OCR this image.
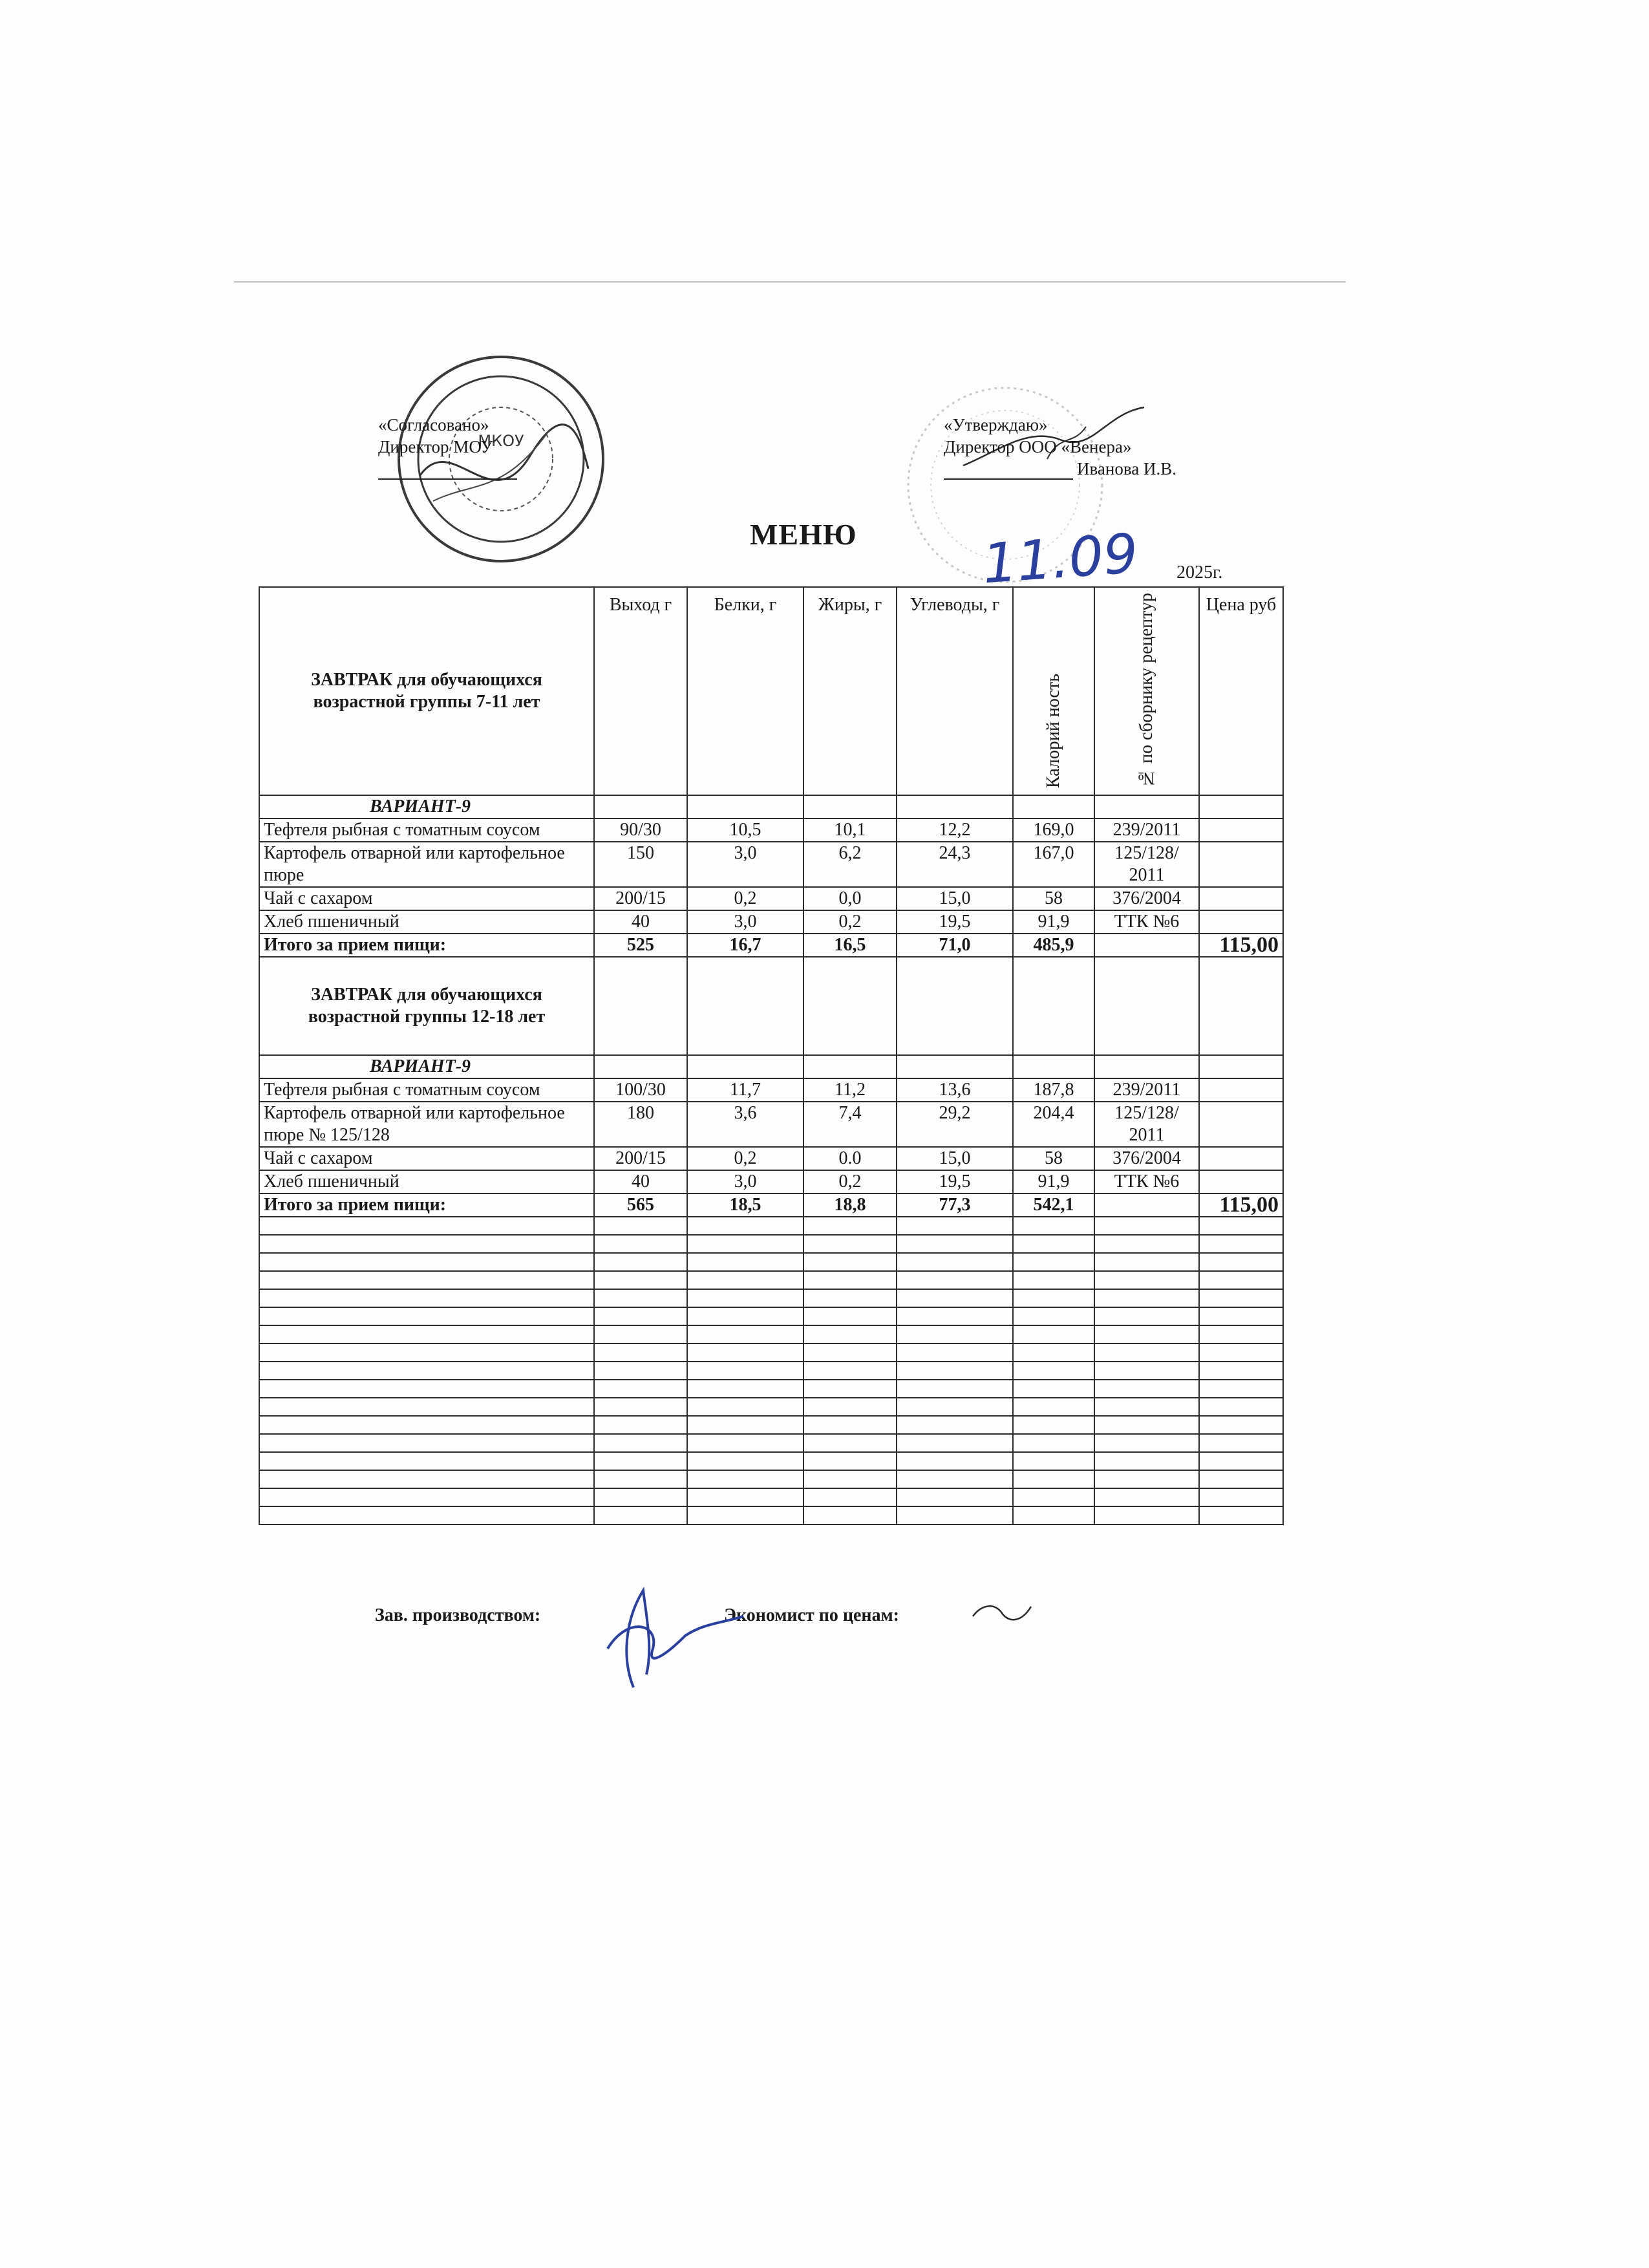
МКОУ
«Согласовано»
Директор МОУ
«Утверждаю»
Директор ООО «Венера»
Иванова И.В.
МЕНЮ 11.09 2025г.
ЗАВТРАК для обучающихся возрастной группы 7-11 лет	Выход г	Белки, г	Жиры, г	Углеводы, г	Калорий ность	№ по сборнику рецептур	Цена руб
ВАРИАНТ-9							
Тефтеля рыбная с томатным соусом	90/30	10,5	10,1	12,2	169,0	239/2011	
Картофель отварной или картофельное пюре	150	3,0	6,2	24,3	167,0	125/128/ 2011	
Чай с сахаром	200/15	0,2	0,0	15,0	58	376/2004	
Хлеб пшеничный	40	3,0	0,2	19,5	91,9	ТТК №6	
Итого за прием пищи:	525	16,7	16,5	71,0	485,9		115,00
ЗАВТРАК для обучающихся возрастной группы 12-18 лет							
ВАРИАНТ-9							
Тефтеля рыбная с томатным соусом	100/30	11,7	11,2	13,6	187,8	239/2011	
Картофель отварной или картофельное пюре № 125/128	180	3,6	7,4	29,2	204,4	125/128/ 2011	
Чай с сахаром	200/15	0,2	0.0	15,0	58	376/2004	
Хлеб пшеничный	40	3,0	0,2	19,5	91,9	ТТК №6	
Итого за прием пищи:	565	18,5	18,8	77,3	542,1		115,00

Зав. производством:	Экономист по ценам:
